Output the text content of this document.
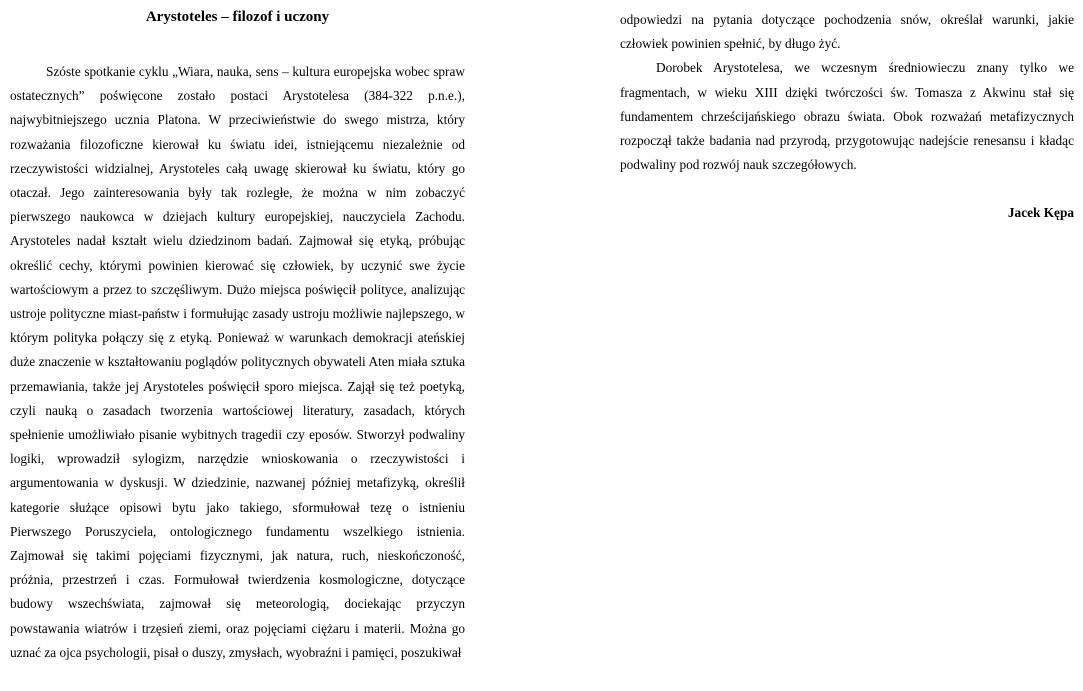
Arystoteles – filozof i uczony

Szóste spotkanie cyklu „Wiara, nauka, sens – kultura europejska wobec spraw ostatecznych” poświęcone zostało postaci Arystotelesa (384-322 p.n.e.), najwybitniejszego ucznia Platona. W przeciwieństwie do swego mistrza, który rozważania filozoficzne kierował ku światu idei, istniejącemu niezależnie od rzeczywistości widzialnej, Arystoteles całą uwagę skierował ku światu, który go otaczał. Jego zainteresowania były tak rozległe, że można w nim zobaczyć pierwszego naukowca w dziejach kultury europejskiej, nauczyciela Zachodu. Arystoteles nadał kształt wielu dziedzinom badań. Zajmował się etyką, próbując określić cechy, którymi powinien kierować się człowiek, by uczynić swe życie wartościowym a przez to szczęśliwym. Dużo miejsca poświęcił polityce, analizując ustroje polityczne miast-państw i formułując zasady ustroju możliwie najlepszego, w którym polityka połączy się z etyką. Ponieważ w warunkach demokracji ateńskiej duże znaczenie w kształtowaniu poglądów politycznych obywateli Aten miała sztuka przemawiania, także jej Arystoteles poświęcił sporo miejsca. Zajął się też poetyką, czyli nauką o zasadach tworzenia wartościowej literatury, zasadach, których spełnienie umożliwiało pisanie wybitnych tragedii czy eposów. Stworzył podwaliny logiki, wprowadził sylogizm, narzędzie wnioskowania o rzeczywistości i argumentowania w dyskusji. W dziedzinie, nazwanej później metafizyką, określił kategorie służące opisowi bytu jako takiego, sformułował tezę o istnieniu Pierwszego Poruszyciela, ontologicznego fundamentu wszelkiego istnienia. Zajmował się takimi pojęciami fizycznymi, jak natura, ruch, nieskończoność, próżnia, przestrzeń i czas. Formułował twierdzenia kosmologiczne, dotyczące budowy wszechświata, zajmował się meteorologią, dociekając przyczyn powstawania wiatrów i trzęsień ziemi, oraz pojęciami ciężaru i materii. Można go uznać za ojca psychologii, pisał o duszy, zmysłach, wyobraźni i pamięci, poszukiwał

odpowiedzi na pytania dotyczące pochodzenia snów, określał warunki, jakie człowiek powinien spełnić, by długo żyć.

Dorobek Arystotelesa, we wczesnym średniowieczu znany tylko we fragmentach, w wieku XIII dzięki twórczości św. Tomasza z Akwinu stał się fundamentem chrześcijańskiego obrazu świata. Obok rozważań metafizycznych rozpoczął także badania nad przyrodą, przygotowując nadejście renesansu i kładąc podwaliny pod rozwój nauk szczegółowych.

Jacek Kępa
